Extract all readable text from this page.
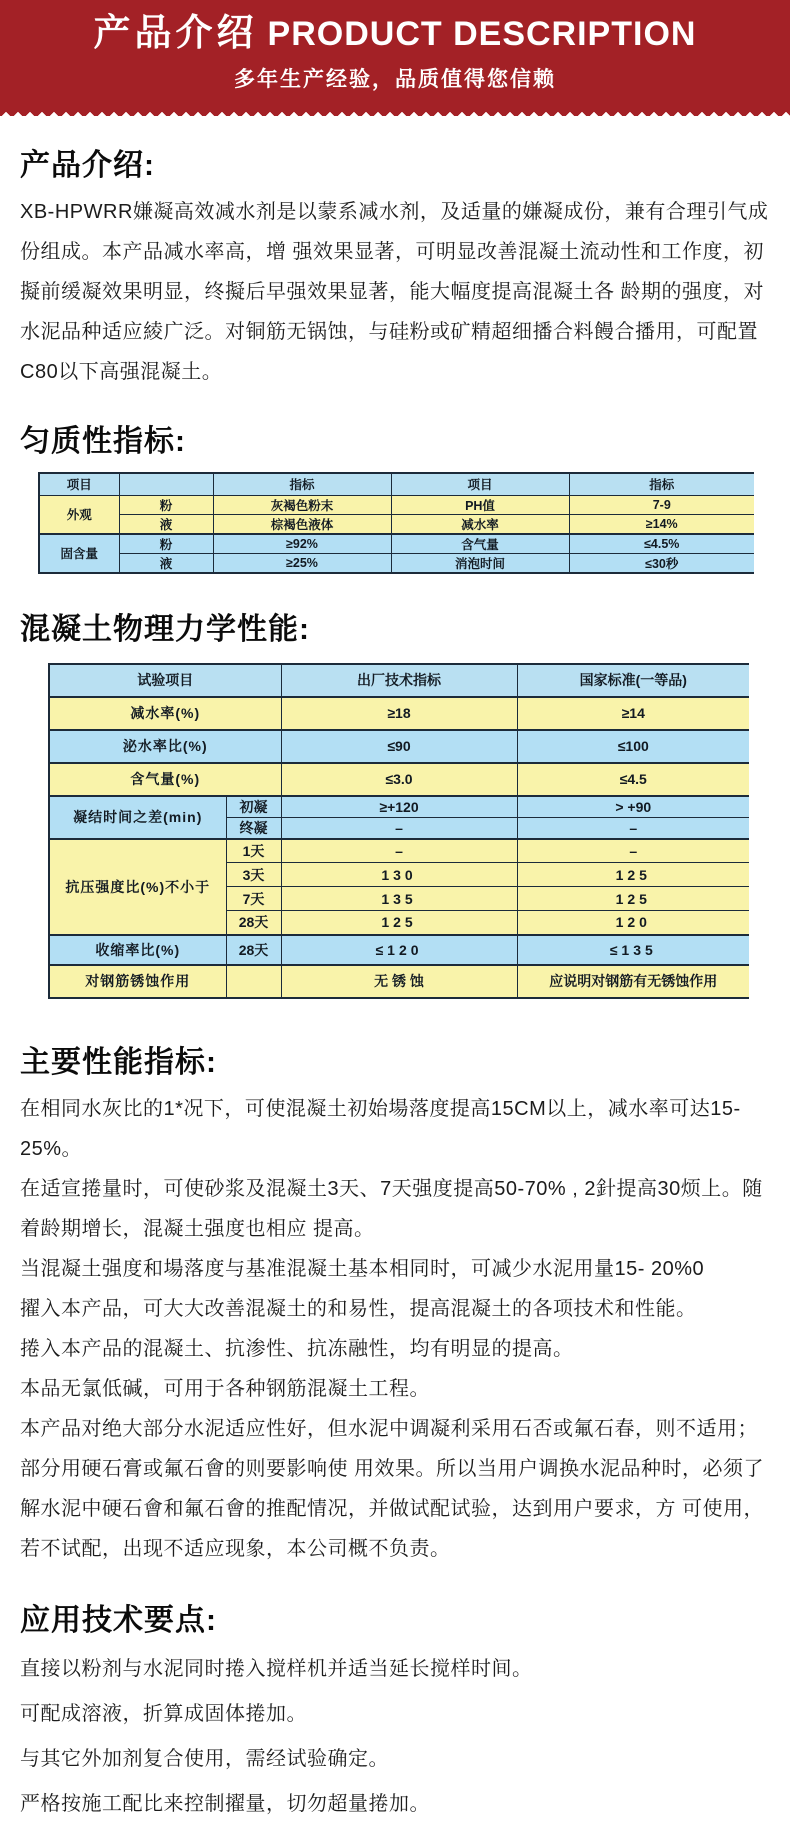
产品介绍 PRODUCT DESCRIPTION
多年生产经验，品质值得您信赖
产品介绍:

XB-HPWRR嫌凝高效减水剂是以蒙系减水剂，及适量的嫌凝成份，兼有合理引气成份组成。本产品减水率高，增 强效果显著，可明显改善混凝土流动性和工作度，初擬前缓凝效果明显，终擬后早强效果显著，能大幅度提高混凝土各 龄期的强度，对水泥品种适应綾广泛。对铜筋无锅蚀，与硅粉或矿精超细播合料饅合播用，可配置C80以下高强混凝土。

匀质性指标:
项目		指标	项目	指标
外观	粉	灰褐色粉末	PH值	7-9
	液	棕褐色液体	减水率	≥14%
固含量	粉	≥92%	含气量	≤4.5%
	液	≥25%	消泡时间	≤30秒
混凝土物理力学性能:
试验项目		出厂技术指标	国家标准(一等品)
减水率(%)		≥18	≥14
泌水率比(%)		≤90	≤100
含气量(%)		≤3.0	≤4.5
凝结时间之差(min)	初凝	≥+120	> +90
	终凝	–	–
抗压强度比(%)不小于	1天	–	–
	3天	130	125
	7天	135	125
	28天	125	120
收缩率比(%)	28天	≤120	≤135
对钢筋锈蚀作用		无 锈 蚀	应说明对钢筋有无锈蚀作用
主要性能指标:

在相同水灰比的1*况下，可使混凝土初始場落度提高15CM以上，减水率可达15-25%。

在适宣捲量时，可使砂浆及混凝土3天、7天强度提高50-70% , 2針提高30烦上。随着龄期增长，混凝土强度也相应 提高。

当混凝土强度和場落度与基准混凝土基本相同时，可减少水泥用量15- 20%0

擢入本产品，可大大改善混凝土的和易性，提高混凝土的各项技术和性能。

捲入本产品的混凝土、抗渗性、抗冻融性，均有明显的提高。

本品无氯低碱，可用于各种钢筋混凝土工程。

本产品对绝大部分水泥适应性好，但水泥中调凝利采用石否或氟石春，则不适用；部分用硬石膏或氟石會的则要影响使 用效果。所以当用户调换水泥品种时，必须了解水泥中硬石會和氟石會的推配情况，并做试配试验，达到用户要求，方 可使用，若不试配，出现不适应现象，本公司概不负责。

应用技术要点:

直接以粉剂与水泥同时捲入搅样机并适当延长搅样时间。

可配成溶液，折算成固体捲加。

与其它外加剂复合使用，需经试验确定。

严格按施工配比来控制擢量，切勿超量捲加。
